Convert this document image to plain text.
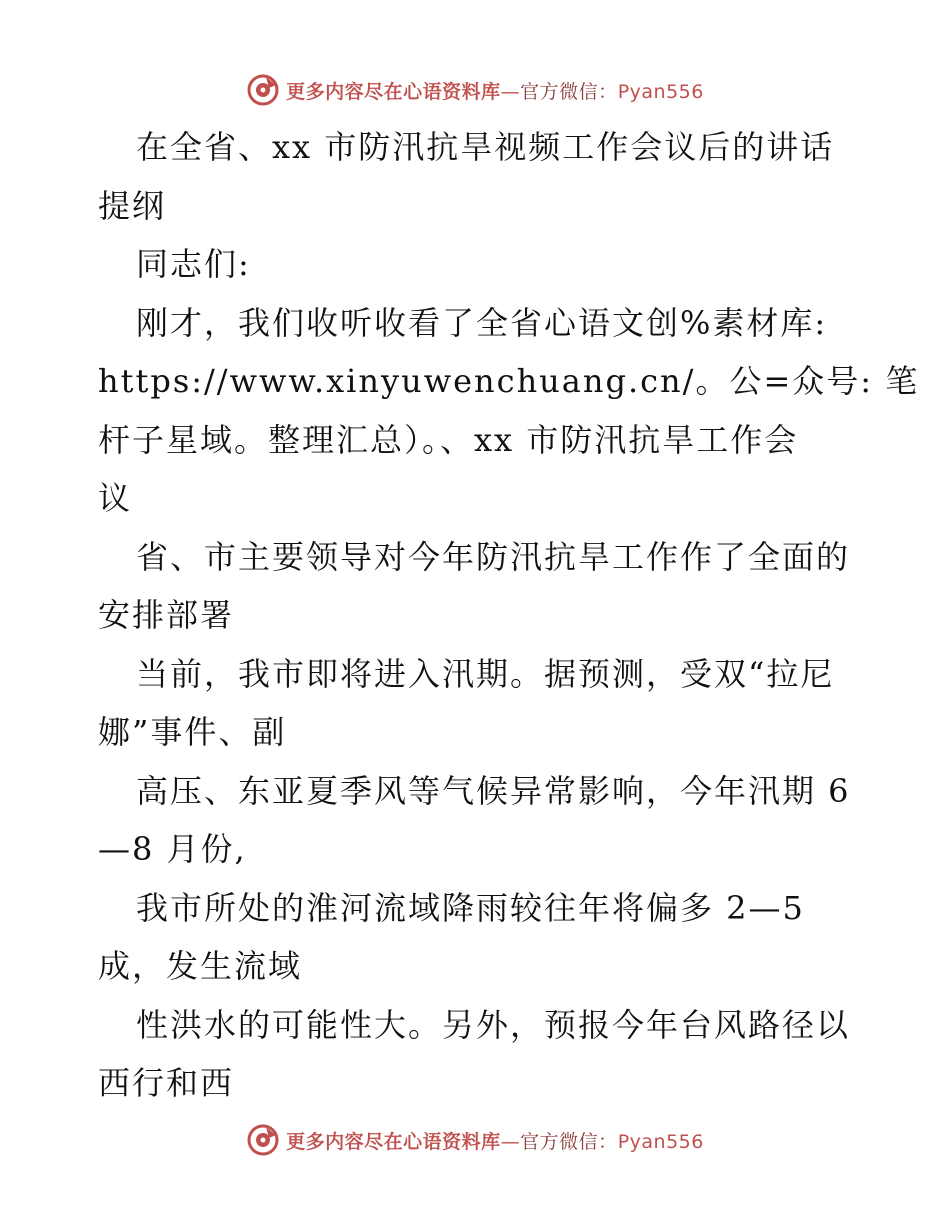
更多内容尽在心语资料库—官方微信：Pyan556
在全省、xx 市防汛抗旱视频工作会议后的讲话
提纲
同志们:
刚才，我们收听收看了全省心语文创%素材库:
https://www.xinyuwenchuang.cn/。公=众号: 笔
杆子星域。整理汇总）。、xx 市防汛抗旱工作会
议
省、市主要领导对今年防汛抗旱工作作了全面的
安排部署
当前，我市即将进入汛期。据预测，受双“拉尼
娜”事件、副
高压、东亚夏季风等气候异常影响，今年汛期 6
—8 月份,
我市所处的淮河流域降雨较往年将偏多 2—5
成，发生流域
性洪水的可能性大。另外，预报今年台风路径以
西行和西
更多内容尽在心语资料库—官方微信：Pyan556
